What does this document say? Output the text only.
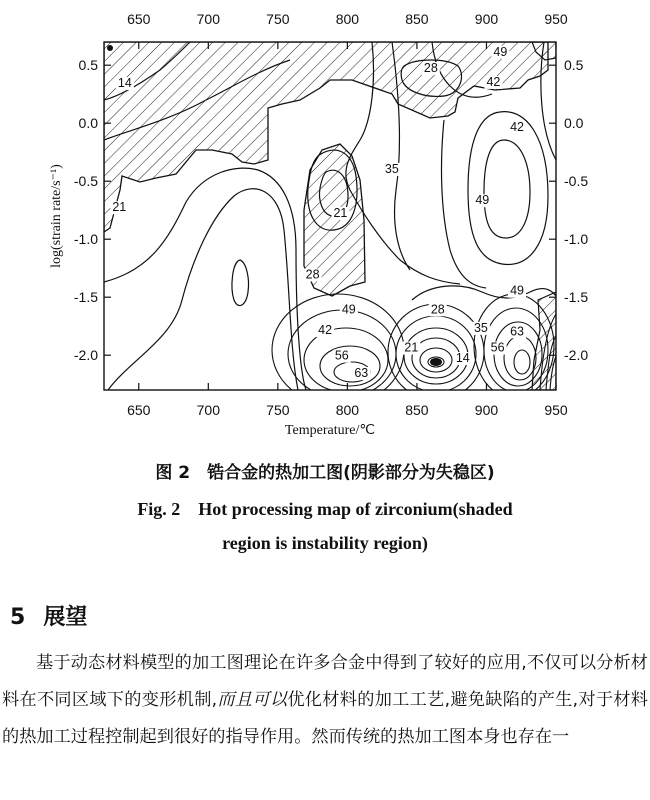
650	700	750	800	850	900	950
650	700	750	800	850	900	950
0.5
0.0
-0.5
-1.0
-1.5
-2.0
0.5
0.0
-0.5
-1.0
-1.5
-2.0
14
21	21
28
49
42
56
63
35
28
49
42
42
49
49
28
35 63
21
14
56
Temperature/℃
log(strain rate/s⁻¹)
图 2　锆合金的热加工图(阴影部分为失稳区)
Fig. 2　Hot processing map of zirconium(shaded
region is instability region)
5 展望
基于动态材料模型的加工图理论在许多合金中得到了较好的应用,不仅可以分析材料在不同区域下的变形机制,而且可以优化材料的加工工艺,避免缺陷的产生,对于材料的热加工过程控制起到很好的指导作用。然而传统的热加工图本身也存在一
